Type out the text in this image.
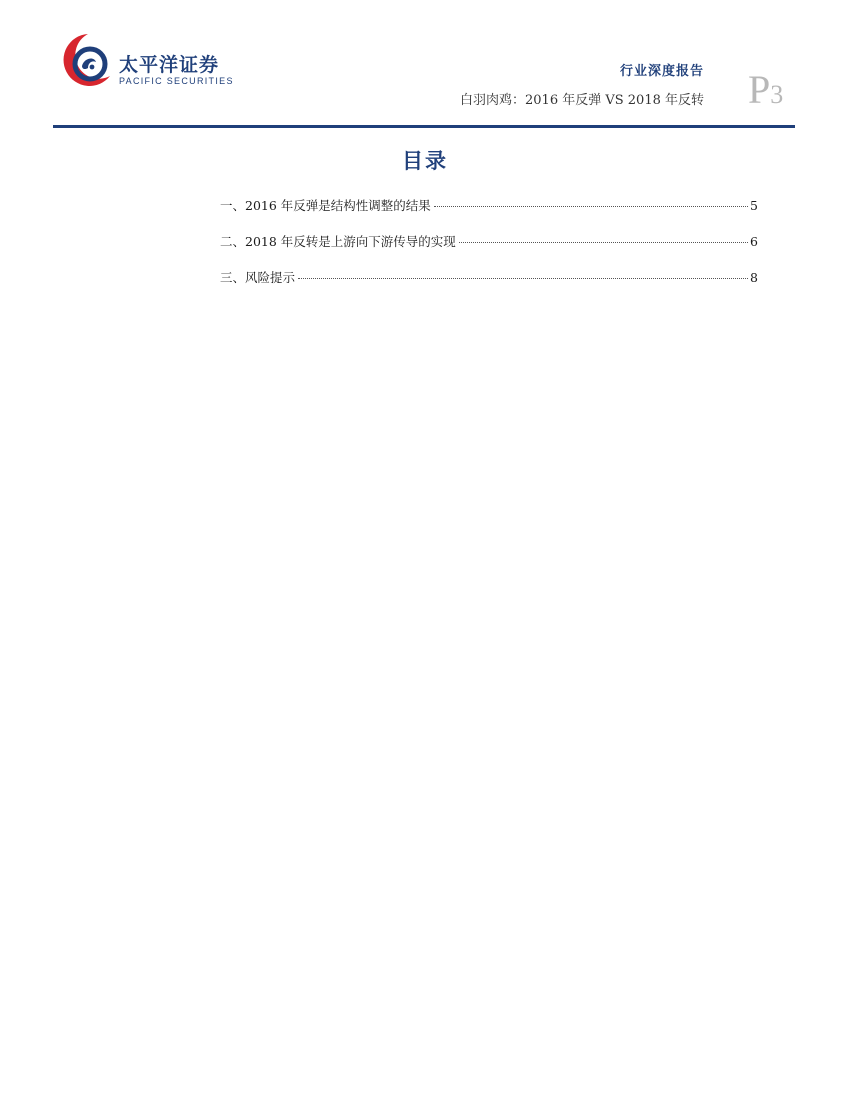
太平洋证券
PACIFIC SECURITIES
行业深度报告
白羽肉鸡：2016 年反弹 VS 2018 年反转 P3
目录
一、2016 年反弹是结构性调整的结果	5
二、2018 年反转是上游向下游传导的实现	6
三、风险提示	8
